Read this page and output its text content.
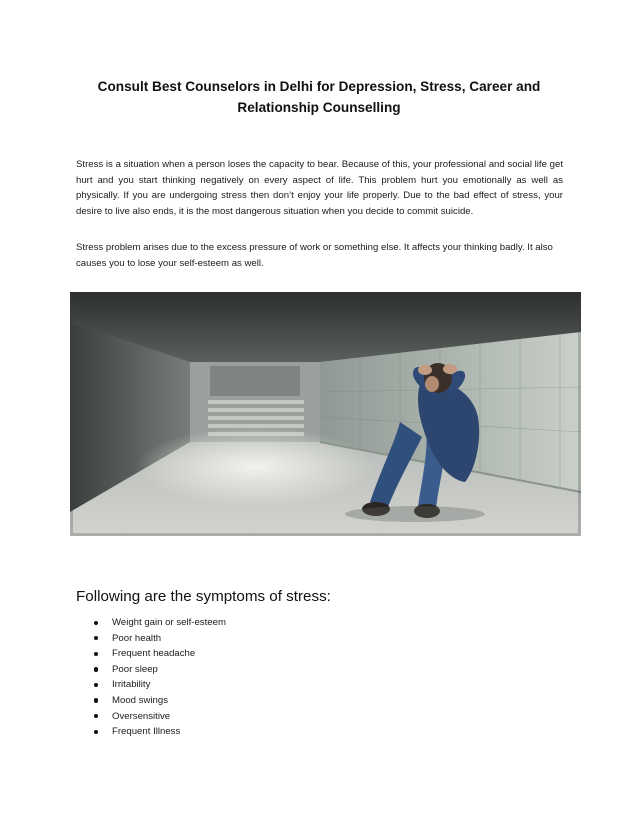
Consult Best Counselors in Delhi for Depression, Stress, Career and Relationship Counselling

Stress is a situation when a person loses the capacity to bear. Because of this, your professional and social life get hurt and you start thinking negatively on every aspect of life. This problem hurt you emotionally as well as physically. If you are undergoing stress then don’t enjoy your life properly. Due to the bad effect of stress, your desire to live also ends, it is the most dangerous situation when you decide to commit suicide.

Stress problem arises due to the excess pressure of work or something else. It affects your thinking badly. It also causes you to lose your self-esteem as well.

Following are the symptoms of stress:
Weight gain or self-esteem
Poor health
Frequent headache
Poor sleep
Irritability
Mood swings
Oversensitive
Frequent Illness
